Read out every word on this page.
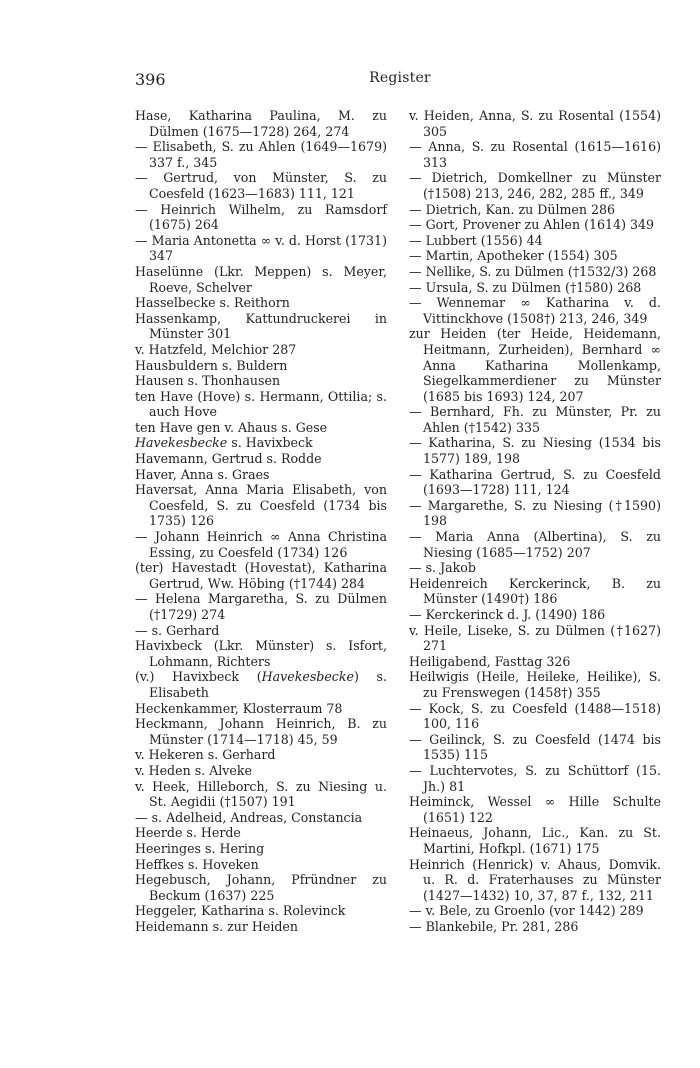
396	Register

Hase, Katharina Paulina, M. zu Dülmen (1675—1728) 264, 274

— Elisabeth, S. zu Ahlen (1649—1679) 337 f., 345

— Gertrud, von Münster, S. zu Coesfeld (1623—1683) 111, 121

— Heinrich Wilhelm, zu Ramsdorf (1675) 264

— Maria Antonetta ∞ v. d. Horst (1731) 347

Haselünne (Lkr. Meppen) s. Meyer, Roeve, Schelver

Hasselbecke s. Reithorn

Hassenkamp, Kattundruckerei in Münster 301

v. Hatzfeld, Melchior 287

Hausbuldern s. Buldern

Hausen s. Thonhausen

ten Have (Hove) s. Hermann, Ottilia; s. auch Hove

ten Have gen v. Ahaus s. Gese

Havekesbecke s. Havixbeck

Havemann, Gertrud s. Rodde

Haver, Anna s. Graes

Haversat, Anna Maria Elisabeth, von Coesfeld, S. zu Coesfeld (1734 bis 1735) 126

— Johann Heinrich ∞ Anna Christina Essing, zu Coesfeld (1734) 126

(ter) Havestadt (Hovestat), Katharina Gertrud, Ww. Höbing (†1744) 284

— Helena Margaretha, S. zu Dülmen (†1729) 274

— s. Gerhard

Havixbeck (Lkr. Münster) s. Isfort, Lohmann, Richters

(v.) Havixbeck (Havekesbecke) s. Elisabeth

Heckenkammer, Klosterraum 78

Heckmann, Johann Heinrich, B. zu Münster (1714—1718) 45, 59

v. Hekeren s. Gerhard

v. Heden s. Alveke

v. Heek, Hilleborch, S. zu Niesing u. St. Aegidii (†1507) 191

— s. Adelheid, Andreas, Constancia

Heerde s. Herde

Heeringes s. Hering

Heffkes s. Hoveken

Hegebusch, Johann, Pfründner zu Beckum (1637) 225

Heggeler, Katharina s. Rolevinck

Heidemann s. zur Heiden

v. Heiden, Anna, S. zu Rosental (1554) 305

— Anna, S. zu Rosental (1615—1616) 313

— Dietrich, Domkellner zu Münster (†1508) 213, 246, 282, 285 ff., 349

— Dietrich, Kan. zu Dülmen 286

— Gort, Provener zu Ahlen (1614) 349

— Lubbert (1556) 44

— Martin, Apotheker (1554) 305

— Nellike, S. zu Dülmen (†1532/3) 268

— Ursula, S. zu Dülmen (†1580) 268

— Wennemar ∞ Katharina v. d. Vittinckhove (1508†) 213, 246, 349

zur Heiden (ter Heide, Heidemann, Heitmann, Zurheiden), Bernhard ∞ Anna Katharina Mollenkamp, Siegelkammerdiener zu Münster (1685 bis 1693) 124, 207

— Bernhard, Fh. zu Münster, Pr. zu Ahlen (†1542) 335

— Katharina, S. zu Niesing (1534 bis 1577) 189, 198

— Katharina Gertrud, S. zu Coesfeld (1693—1728) 111, 124

— Margarethe, S. zu Niesing (†1590) 198

— Maria Anna (Albertina), S. zu Niesing (1685—1752) 207

— s. Jakob

Heidenreich Kerckerinck, B. zu Münster (1490†) 186

— Kerckerinck d. J. (1490) 186

v. Heile, Liseke, S. zu Dülmen (†1627) 271

Heiligabend, Fasttag 326

Heilwigis (Heile, Heileke, Heilike), S. zu Frenswegen (1458†) 355

— Kock, S. zu Coesfeld (1488—1518) 100, 116

— Geilinck, S. zu Coesfeld (1474 bis 1535) 115

— Luchtervotes, S. zu Schüttorf (15. Jh.) 81

Heiminck, Wessel ∞ Hille Schulte (1651) 122

Heinaeus, Johann, Lic., Kan. zu St. Martini, Hofkpl. (1671) 175

Heinrich (Henrick) v. Ahaus, Domvik. u. R. d. Fraterhauses zu Münster (1427—1432) 10, 37, 87 f., 132, 211

— v. Bele, zu Groenlo (vor 1442) 289

— Blankebile, Pr. 281, 286
